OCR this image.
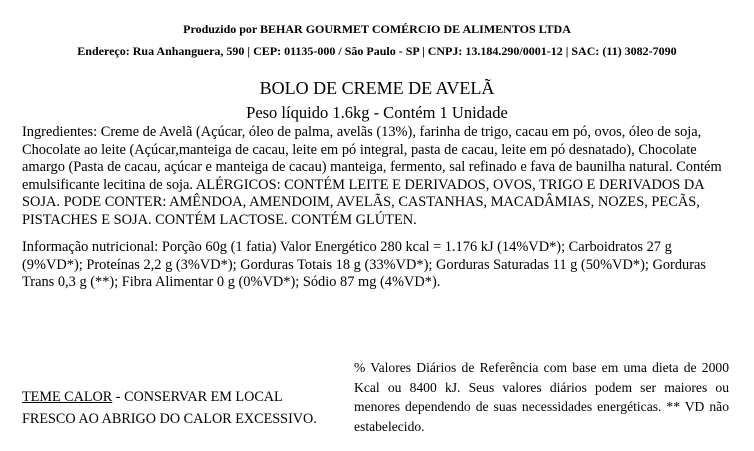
Produzido por BEHAR GOURMET COMÉRCIO DE ALIMENTOS LTDA
Endereço: Rua Anhanguera, 590 | CEP: 01135-000 / São Paulo - SP | CNPJ: 13.184.290/0001-12 | SAC: (11) 3082-7090
BOLO DE CREME DE AVELÃ
Peso líquido 1.6kg - Contém 1 Unidade
Ingredientes: Creme de Avelã (Açúcar, óleo de palma, avelãs (13%), farinha de trigo, cacau em pó, ovos, óleo de soja, Chocolate ao leite (Açúcar,manteiga de cacau, leite em pó integral, pasta de cacau, leite em pó desnatado), Chocolate amargo (Pasta de cacau, açúcar e manteiga de cacau) manteiga, fermento, sal refinado e fava de baunilha natural. Contém emulsificante lecitina de soja. ALÉRGICOS: CONTÉM LEITE E DERIVADOS, OVOS, TRIGO E DERIVADOS DA SOJA. PODE CONTER: AMÊNDOA, AMENDOIM, AVELÃS, CASTANHAS, MACADÂMIAS, NOZES, PECÃS, PISTACHES E SOJA. CONTÉM LACTOSE. CONTÉM GLÚTEN.
Informação nutricional: Porção 60g (1 fatia) Valor Energético 280 kcal = 1.176 kJ (14%VD*); Carboidratos 27 g (9%VD*); Proteínas 2,2 g (3%VD*); Gorduras Totais 18 g (33%VD*); Gorduras Saturadas 11 g (50%VD*); Gorduras Trans 0,3 g (**); Fibra Alimentar 0 g (0%VD*); Sódio 87 mg (4%VD*).
TEME CALOR - CONSERVAR EM LOCAL
FRESCO AO ABRIGO DO CALOR EXCESSIVO.
% Valores Diários de Referência com base em uma dieta de 2000 Kcal ou 8400 kJ. Seus valores diários podem ser maiores ou menores dependendo de suas necessidades energéticas. ** VD não estabelecido.
